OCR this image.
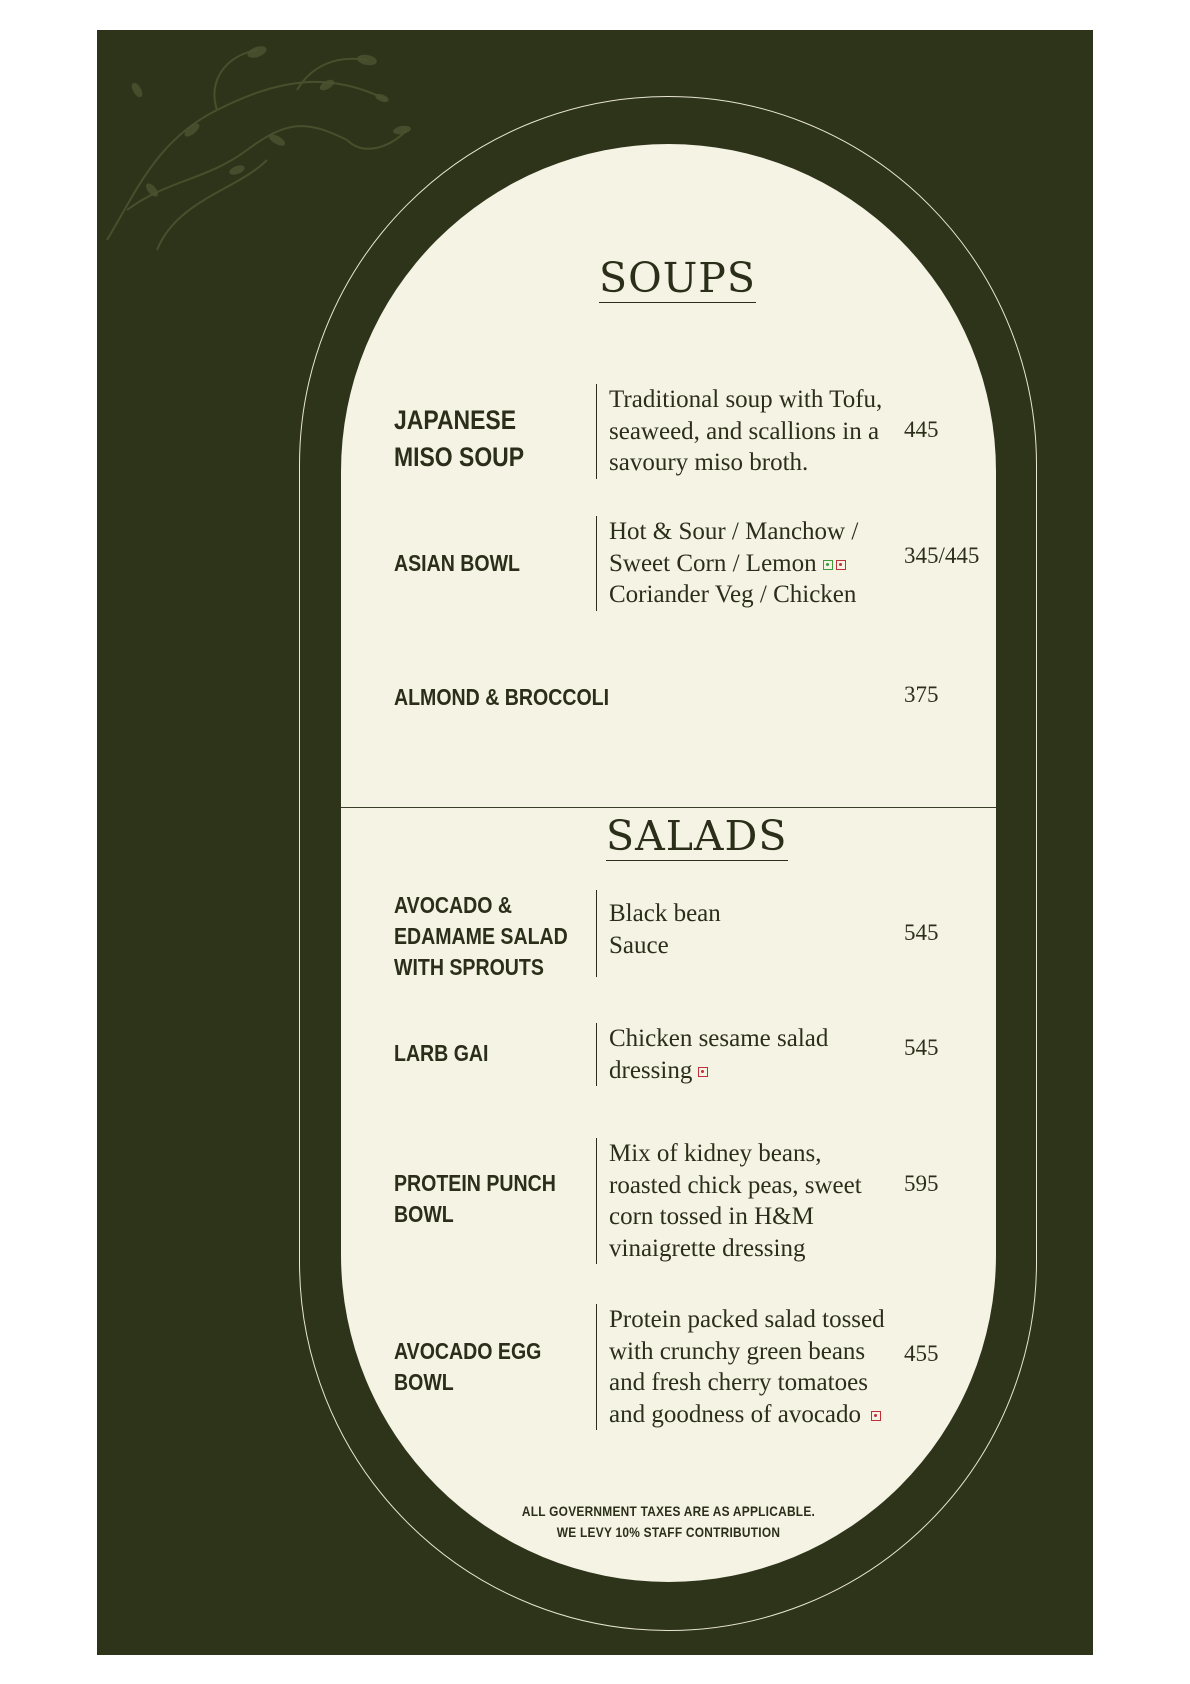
SOUPS
JAPANESE
MISO SOUP
Traditional soup with Tofu,
seaweed, and scallions in a
savoury miso broth.
445
ASIAN BOWL
Hot & Sour / Manchow /
Sweet Corn / Lemon
Coriander Veg / Chicken
345/445
ALMOND & BROCCOLI	375
SALADS
AVOCADO &
EDAMAME SALAD
WITH SPROUTS
Black bean
Sauce	545
LARB GAI
Chicken sesame salad
dressing
545
PROTEIN PUNCH
BOWL
Mix of kidney beans,
roasted chick peas, sweet
corn tossed in H&M
vinaigrette dressing
595
AVOCADO EGG
BOWL
Protein packed salad tossed
with crunchy green beans
and fresh cherry tomatoes
and goodness of avocado
455
ALL GOVERNMENT TAXES ARE AS APPLICABLE.
WE LEVY 10% STAFF CONTRIBUTION
